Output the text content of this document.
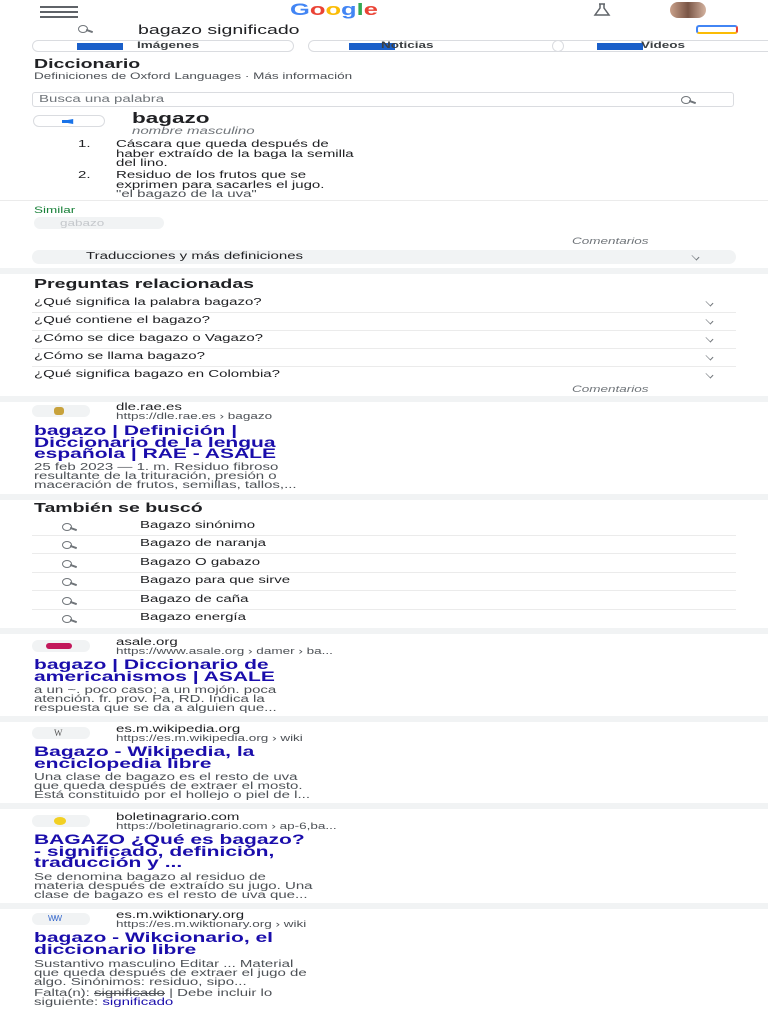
Google
bagazo significado
Imágenes	Noticias	Videos
Diccionario
Definiciones de Oxford Languages · Más información
Busca una palabra
bagazo
nombre masculino
1.	Cáscara que queda después de
haber extraído de la baga la semilla
del lino.
2.	Residuo de los frutos que se
exprimen para sacarles el jugo.
"el bagazo de la uva"
Similar
gabazo
Comentarios
Traducciones y más definiciones
Preguntas relacionadas
¿Qué significa la palabra bagazo?
¿Qué contiene el bagazo?
¿Cómo se dice bagazo o Vagazo?
¿Cómo se llama bagazo?
¿Qué significa bagazo en Colombia?
Comentarios
dle.rae.es
https://dle.rae.es › bagazo
bagazo | Definición |
Diccionario de la lengua
española | RAE - ASALE
25 feb 2023 — 1. m. Residuo fibroso
resultante de la trituración, presión o
maceración de frutos, semillas, tallos,...
También se buscó
Bagazo sinónimo
Bagazo de naranja
Bagazo O gabazo
Bagazo para que sirve
Bagazo de caña
Bagazo energía
asale.org
https://www.asale.org › damer › ba...
bagazo | Diccionario de
americanismos | ASALE
a un ~. poco caso; a un mojón. poca
atención. fr. prov. Pa, RD. Indica la
respuesta que se da a alguien que...
W	es.m.wikipedia.org
https://es.m.wikipedia.org › wiki
Bagazo - Wikipedia, la
enciclopedia libre
Una clase de bagazo es el resto de uva
que queda después de extraer el mosto.
Está constituido por el hollejo o piel de l...
boletinagrario.com
https://boletinagrario.com › ap-6,ba...
BAGAZO ¿Qué es bagazo?
- significado, definición,
traducción y ...
Se denomina bagazo al residuo de
materia después de extraído su jugo. Una
clase de bagazo es el resto de uva que...
WW	es.m.wiktionary.org
https://es.m.wiktionary.org › wiki
bagazo - Wikcionario, el
diccionario libre
Sustantivo masculino Editar ... Material
que queda después de extraer el jugo de
algo. Sinónimos: residuo, sipo...
Falta(n): significado | Debe incluir lo
siguiente: significado
